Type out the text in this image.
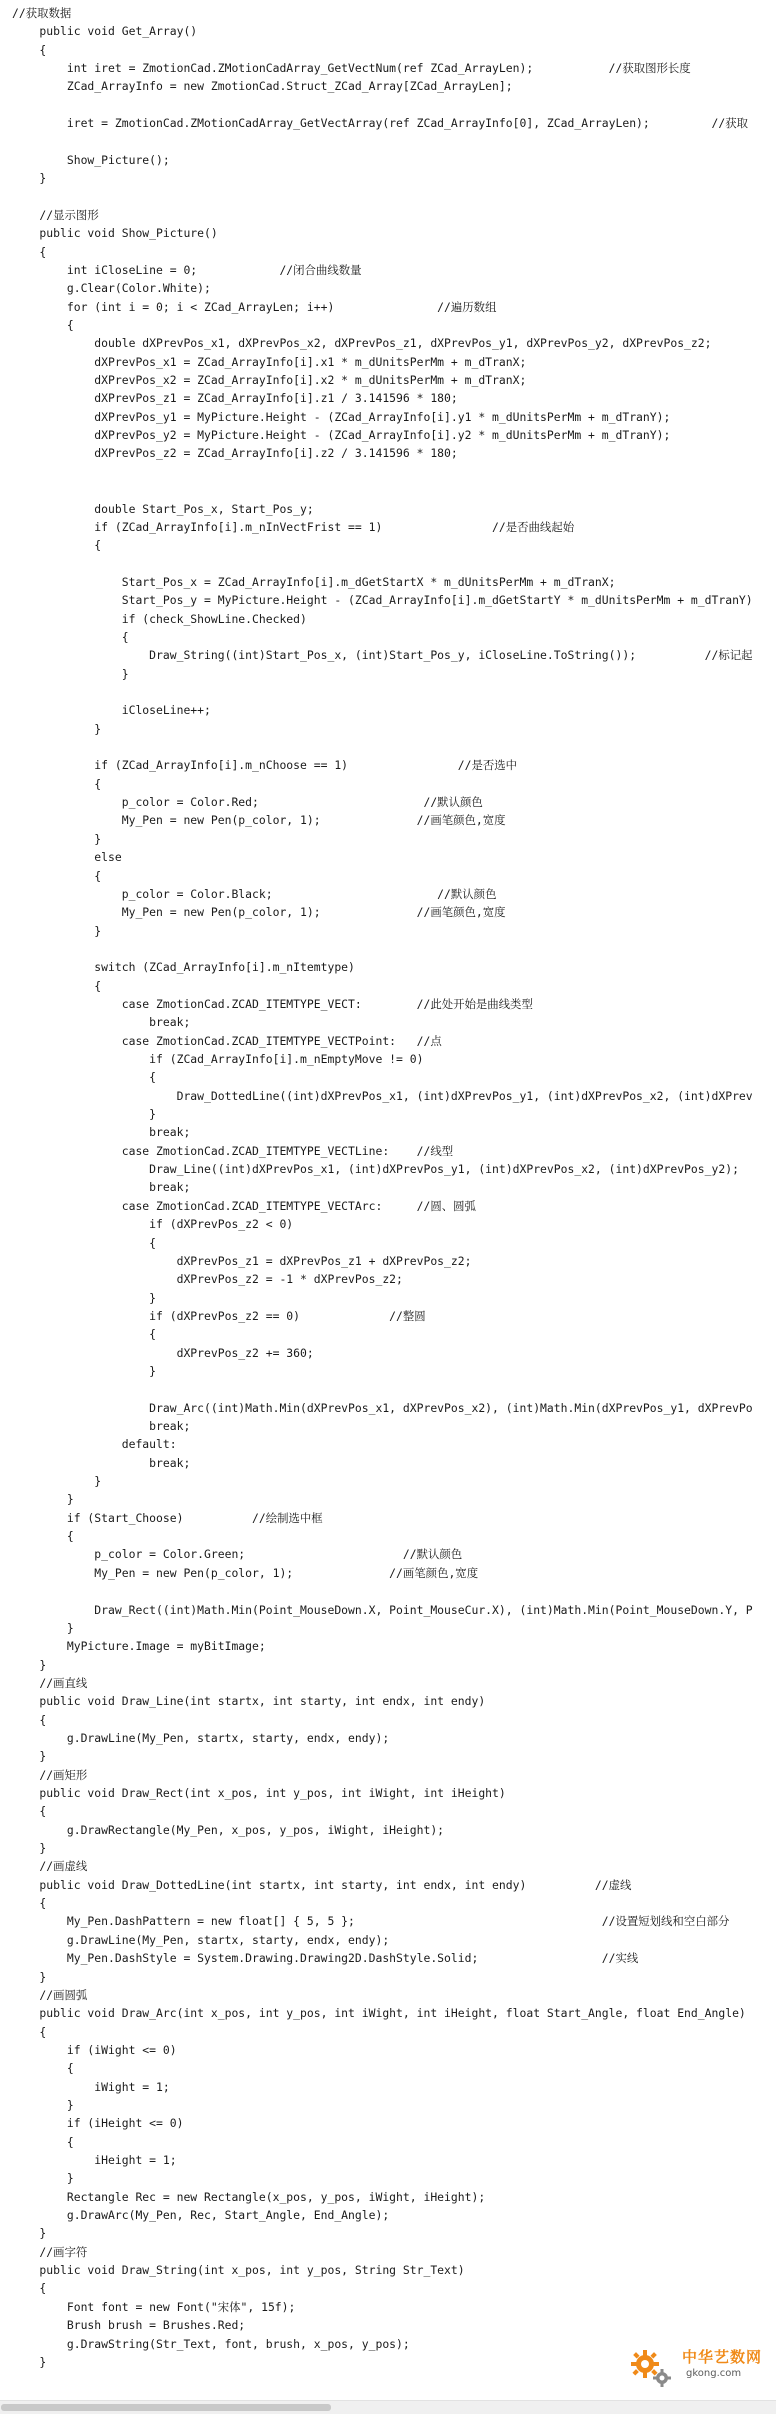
//获取数据
public void Get_Array()
{
int iret = ZmotionCad.ZMotionCadArray_GetVectNum(ref ZCad_ArrayLen);           //获取图形长度
ZCad_ArrayInfo = new ZmotionCad.Struct_ZCad_Array[ZCad_ArrayLen];
iret = ZmotionCad.ZMotionCadArray_GetVectArray(ref ZCad_ArrayInfo[0], ZCad_ArrayLen);         //获取
Show_Picture();
}
//显示图形
public void Show_Picture()
{
int iCloseLine = 0;            //闭合曲线数量
g.Clear(Color.White);
for (int i = 0; i < ZCad_ArrayLen; i++)               //遍历数组
{
double dXPrevPos_x1, dXPrevPos_x2, dXPrevPos_z1, dXPrevPos_y1, dXPrevPos_y2, dXPrevPos_z2;
dXPrevPos_x1 = ZCad_ArrayInfo[i].x1 * m_dUnitsPerMm + m_dTranX;
dXPrevPos_x2 = ZCad_ArrayInfo[i].x2 * m_dUnitsPerMm + m_dTranX;
dXPrevPos_z1 = ZCad_ArrayInfo[i].z1 / 3.141596 * 180;
dXPrevPos_y1 = MyPicture.Height - (ZCad_ArrayInfo[i].y1 * m_dUnitsPerMm + m_dTranY);
dXPrevPos_y2 = MyPicture.Height - (ZCad_ArrayInfo[i].y2 * m_dUnitsPerMm + m_dTranY);
dXPrevPos_z2 = ZCad_ArrayInfo[i].z2 / 3.141596 * 180;
double Start_Pos_x, Start_Pos_y;
if (ZCad_ArrayInfo[i].m_nInVectFrist == 1)                //是否曲线起始
{
Start_Pos_x = ZCad_ArrayInfo[i].m_dGetStartX * m_dUnitsPerMm + m_dTranX;
Start_Pos_y = MyPicture.Height - (ZCad_ArrayInfo[i].m_dGetStartY * m_dUnitsPerMm + m_dTranY)
if (check_ShowLine.Checked)
{
Draw_String((int)Start_Pos_x, (int)Start_Pos_y, iCloseLine.ToString());          //标记起
}
iCloseLine++;
}
if (ZCad_ArrayInfo[i].m_nChoose == 1)                //是否选中
{
p_color = Color.Red;                        //默认颜色
My_Pen = new Pen(p_color, 1);              //画笔颜色,宽度
}
else
{
p_color = Color.Black;                        //默认颜色
My_Pen = new Pen(p_color, 1);              //画笔颜色,宽度
}
switch (ZCad_ArrayInfo[i].m_nItemtype)
{
case ZmotionCad.ZCAD_ITEMTYPE_VECT:        //此处开始是曲线类型
break;
case ZmotionCad.ZCAD_ITEMTYPE_VECTPoint:   //点
if (ZCad_ArrayInfo[i].m_nEmptyMove != 0)
{
Draw_DottedLine((int)dXPrevPos_x1, (int)dXPrevPos_y1, (int)dXPrevPos_x2, (int)dXPrev
}
break;
case ZmotionCad.ZCAD_ITEMTYPE_VECTLine:    //线型
Draw_Line((int)dXPrevPos_x1, (int)dXPrevPos_y1, (int)dXPrevPos_x2, (int)dXPrevPos_y2);
break;
case ZmotionCad.ZCAD_ITEMTYPE_VECTArc:     //圆、圆弧
if (dXPrevPos_z2 < 0)
{
dXPrevPos_z1 = dXPrevPos_z1 + dXPrevPos_z2;
dXPrevPos_z2 = -1 * dXPrevPos_z2;
}
if (dXPrevPos_z2 == 0)             //整圆
{
dXPrevPos_z2 += 360;
}
Draw_Arc((int)Math.Min(dXPrevPos_x1, dXPrevPos_x2), (int)Math.Min(dXPrevPos_y1, dXPrevPo
break;
default:
break;
}
}
if (Start_Choose)          //绘制选中框
{
p_color = Color.Green;                       //默认颜色
My_Pen = new Pen(p_color, 1);              //画笔颜色,宽度
Draw_Rect((int)Math.Min(Point_MouseDown.X, Point_MouseCur.X), (int)Math.Min(Point_MouseDown.Y, P
}
MyPicture.Image = myBitImage;
}
//画直线
public void Draw_Line(int startx, int starty, int endx, int endy)
{
g.DrawLine(My_Pen, startx, starty, endx, endy);
}
//画矩形
public void Draw_Rect(int x_pos, int y_pos, int iWight, int iHeight)
{
g.DrawRectangle(My_Pen, x_pos, y_pos, iWight, iHeight);
}
//画虚线
public void Draw_DottedLine(int startx, int starty, int endx, int endy)          //虚线
{
My_Pen.DashPattern = new float[] { 5, 5 };                                    //设置短划线和空白部分
g.DrawLine(My_Pen, startx, starty, endx, endy);
My_Pen.DashStyle = System.Drawing.Drawing2D.DashStyle.Solid;                  //实线
}
//画圆弧
public void Draw_Arc(int x_pos, int y_pos, int iWight, int iHeight, float Start_Angle, float End_Angle)
{
if (iWight <= 0)
{
iWight = 1;
}
if (iHeight <= 0)
{
iHeight = 1;
}
Rectangle Rec = new Rectangle(x_pos, y_pos, iWight, iHeight);
g.DrawArc(My_Pen, Rec, Start_Angle, End_Angle);
}
//画字符
public void Draw_String(int x_pos, int y_pos, String Str_Text)
{
Font font = new Font("宋体", 15f);
Brush brush = Brushes.Red;
g.DrawString(Str_Text, font, brush, x_pos, y_pos);
}	中华艺数网
gkong.com
